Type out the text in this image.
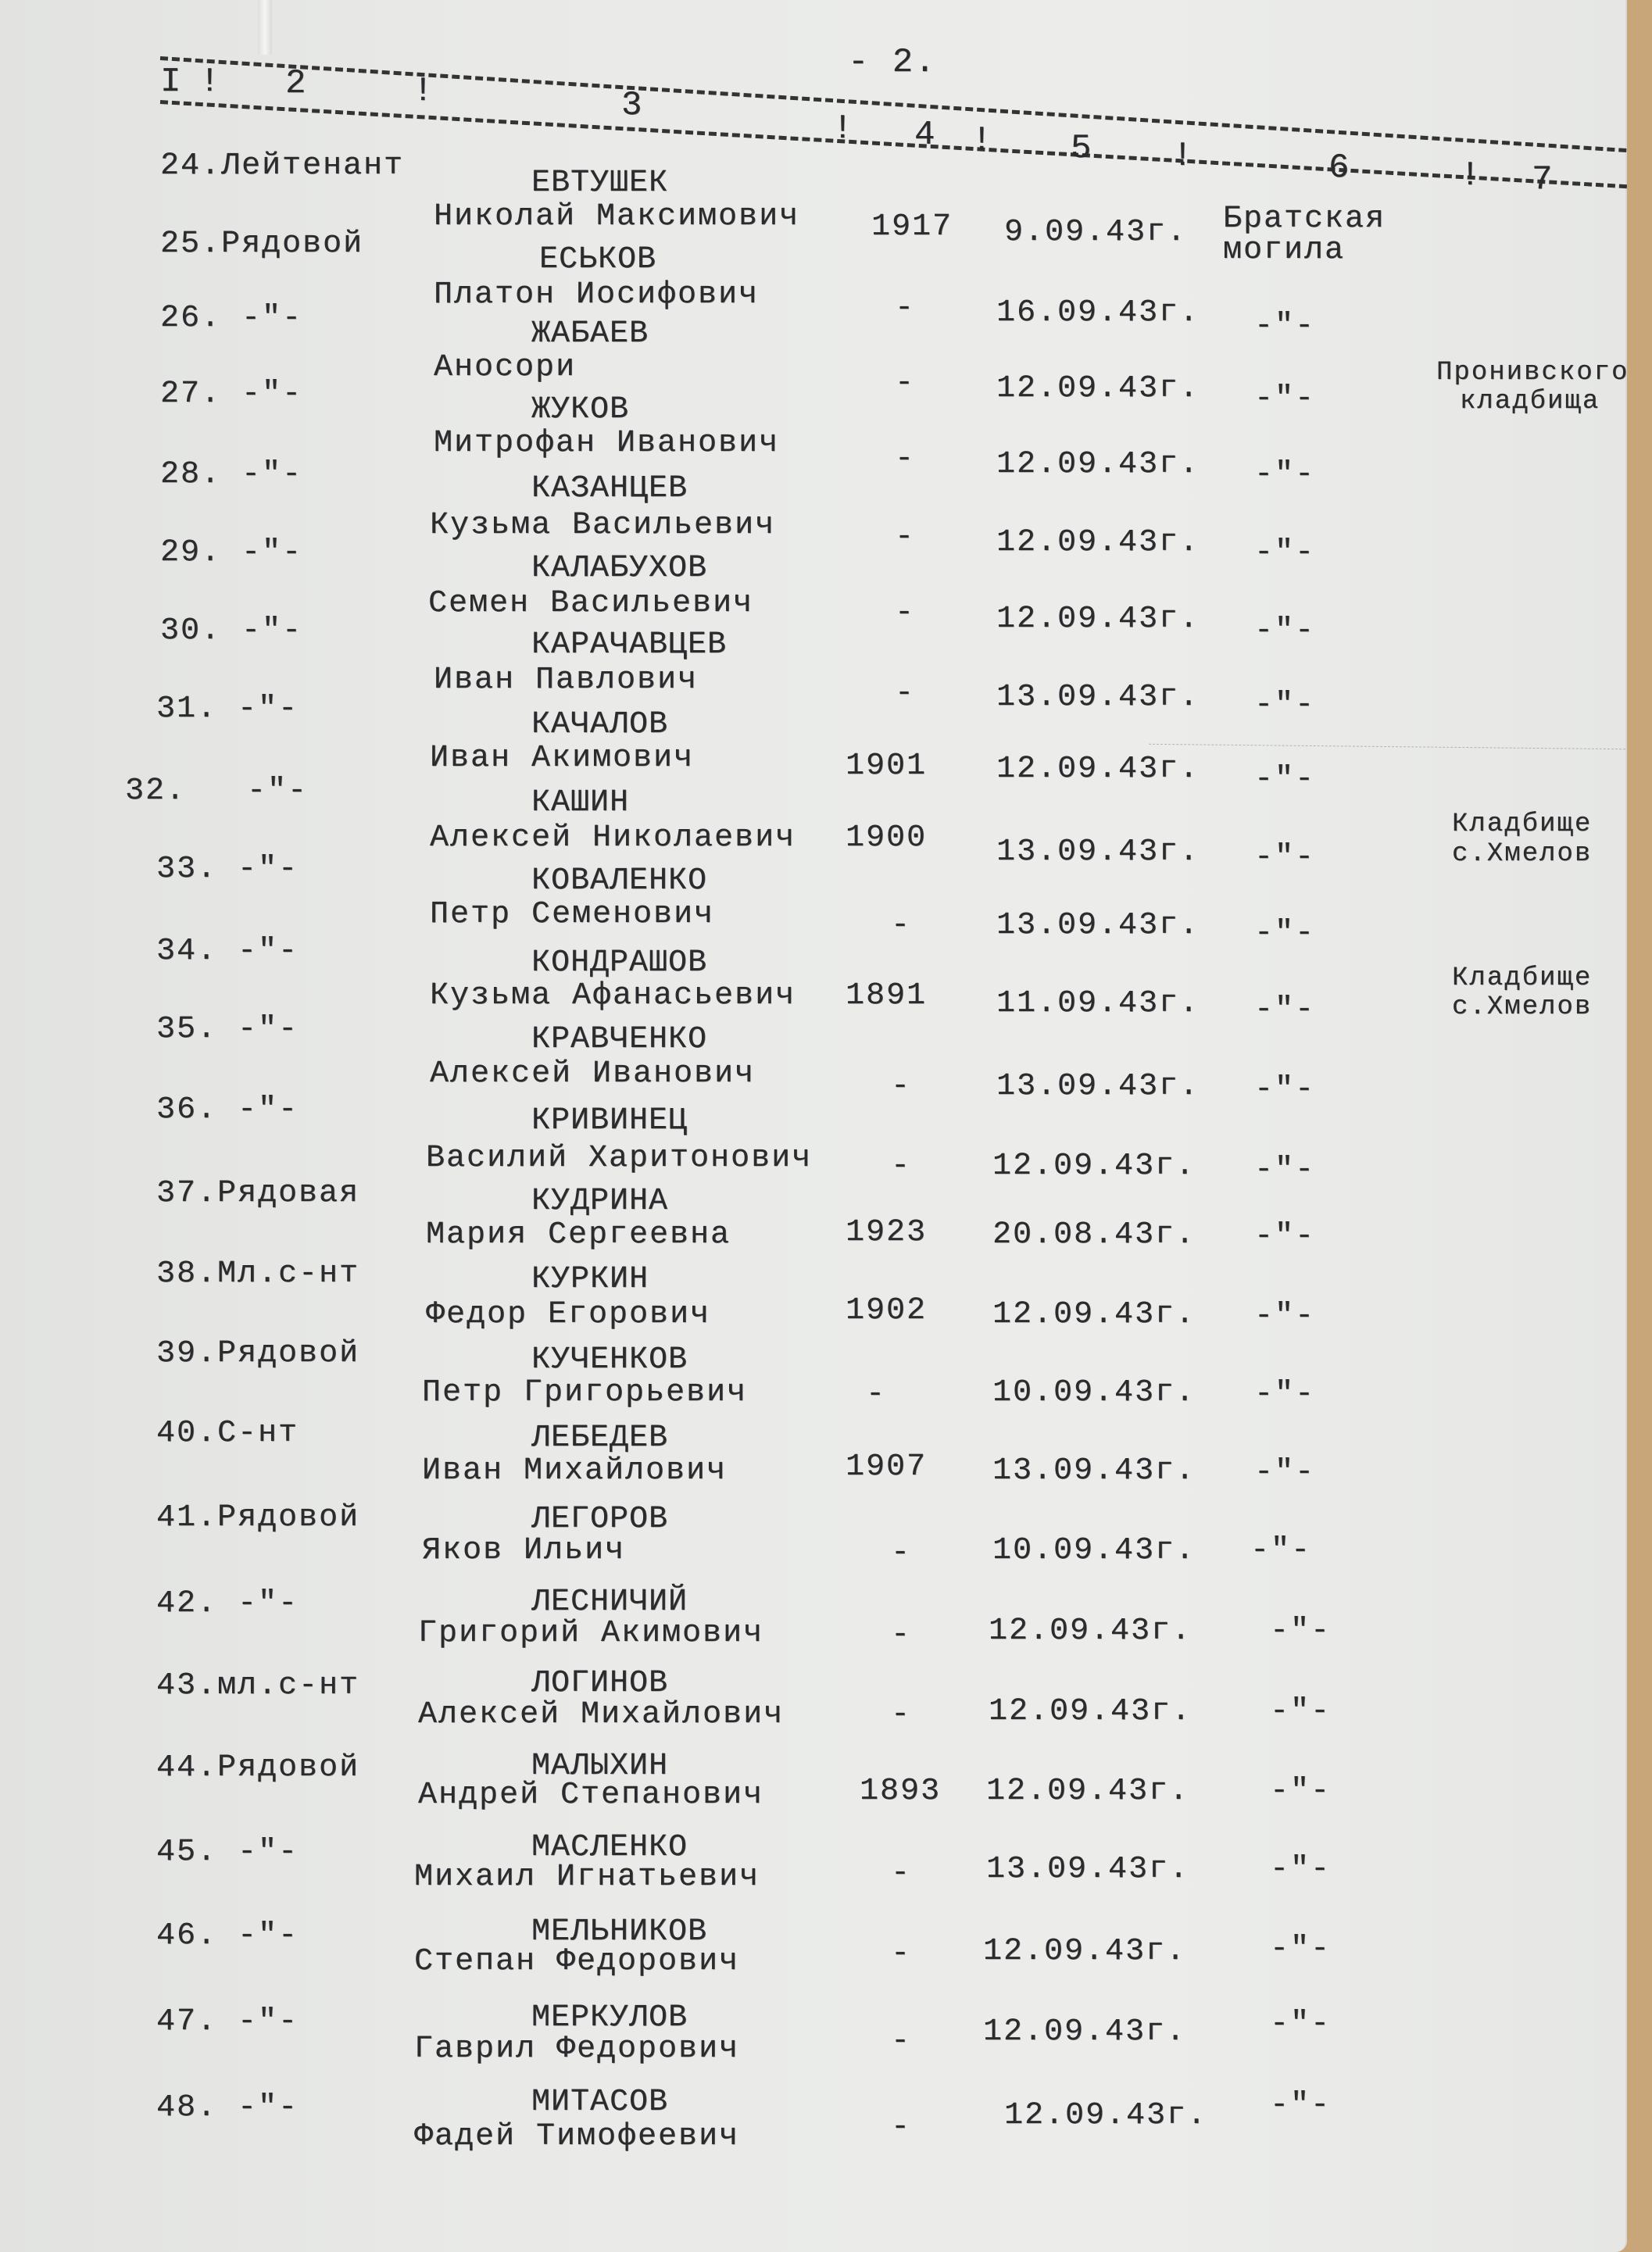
- 2.
I ! 2	!	3
! 4 ! 5 !	6	! 7
24.Лейтенант	ЕВТУШЕК
Николай Максимович 1917 9.09.43г. Братская
могила
25.Рядовой	ЕСЬКОВ
Платон Иосифович	-	16.09.43г. -"-
26. -"-	ЖАБАЕВ
Аносори	-	12.09.43г. -"-
Пронивского
кладбища
27. -"-	ЖУКОВ
Митрофан Иванович	-	12.09.43г. -"-
28. -"-	КАЗАНЦЕВ
Кузьма Васильевич	-	12.09.43г. -"-
29. -"-	КАЛАБУХОВ
Семен Васильевич	-	12.09.43г. -"-
30. -"-	КАРАЧАВЦЕВ
Иван Павлович	-	13.09.43г. -"-
31. -"-	КАЧАЛОВ
Иван Акимович	1901 12.09.43г. -"-
32. -"-	КАШИН
Алексей Николаевич 1900 13.09.43г. -"-
Кладбище
с.Хмелов
33. -"-	КОВАЛЕНКО
Петр Семенович	-	13.09.43г. -"-
34. -"-	КОНДРАШОВ
Кузьма Афанасьевич 1891 11.09.43г. -"-
Кладбище
с.Хмелов
35. -"-	КРАВЧЕНКО
Алексей Иванович	-	13.09.43г. -"-
36. -"-	КРИВИНЕЦ
Василий Харитонович	-	12.09.43г. -"-
37.Рядовая	КУДРИНА
Мария Сергеевна	1923 20.08.43г. -"-
38.Мл.с-нт	КУРКИН
Федор Егорович	1902 12.09.43г. -"-
39.Рядовой	КУЧЕНКОВ
Петр Григорьевич	-	10.09.43г. -"-
40.С-нт	ЛЕБЕДЕВ
Иван Михайлович	1907 13.09.43г. -"-
41.Рядовой	ЛЕГОРОВ
Яков Ильич	-	10.09.43г. -"-
42. -"-	ЛЕСНИЧИЙ
Григорий Акимович	- 12.09.43г. -"-
43.мл.с-нт	ЛОГИНОВ
Алексей Михайлович	- 12.09.43г. -"-
44.Рядовой	МАЛЫХИН
Андрей Степанович	1893 12.09.43г.	-"-
45. -"-	МАСЛЕНКО
Михаил Игнатьевич	- 13.09.43г.	-"-
46. -"-	МЕЛЬНИКОВ
Степан Федорович	- 12.09.43г.	-"-
47. -"-	МЕРКУЛОВ
Гаврил Федорович	- 12.09.43г.	-"-
48. -"-	МИТАСОВ
Фадей Тимофеевич	-	12.09.43г. -"-
